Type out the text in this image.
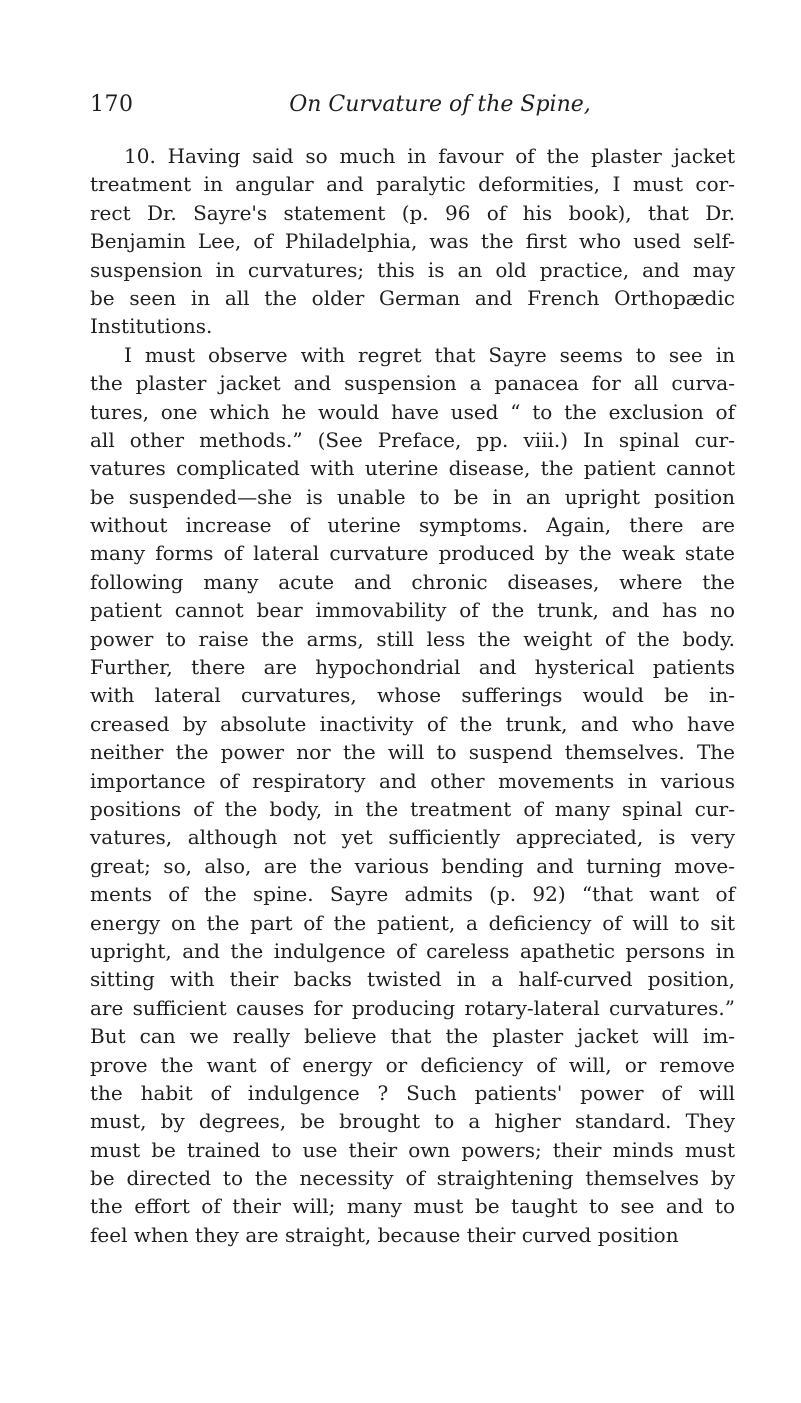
170	On Curvature of the Spine,
10. Having said so much in favour of the plaster jacket
treatment in angular and paralytic deformities, I must cor-
rect Dr. Sayre's statement (p. 96 of his book), that Dr.
Benjamin Lee, of Philadelphia, was the first who used self-
suspension in curvatures; this is an old practice, and may
be seen in all the older German and French Orthopædic
Institutions.
I must observe with regret that Sayre seems to see in
the plaster jacket and suspension a panacea for all curva-
tures, one which he would have used “ to the exclusion of
all other methods.” (See Preface, pp. viii.) In spinal cur-
vatures complicated with uterine disease, the patient cannot
be suspended—she is unable to be in an upright position
without increase of uterine symptoms. Again, there are
many forms of lateral curvature produced by the weak state
following many acute and chronic diseases, where the
patient cannot bear immovability of the trunk, and has no
power to raise the arms, still less the weight of the body.
Further, there are hypochondrial and hysterical patients
with lateral curvatures, whose sufferings would be in-
creased by absolute inactivity of the trunk, and who have
neither the power nor the will to suspend themselves. The
importance of respiratory and other movements in various
positions of the body, in the treatment of many spinal cur-
vatures, although not yet sufficiently appreciated, is very
great; so, also, are the various bending and turning move-
ments of the spine. Sayre admits (p. 92) “that want of
energy on the part of the patient, a deficiency of will to sit
upright, and the indulgence of careless apathetic persons in
sitting with their backs twisted in a half-curved position,
are sufficient causes for producing rotary-lateral curvatures.”
But can we really believe that the plaster jacket will im-
prove the want of energy or deficiency of will, or remove
the habit of indulgence ? Such patients' power of will
must, by degrees, be brought to a higher standard. They
must be trained to use their own powers; their minds must
be directed to the necessity of straightening themselves by
the effort of their will; many must be taught to see and to
feel when they are straight, because their curved position
